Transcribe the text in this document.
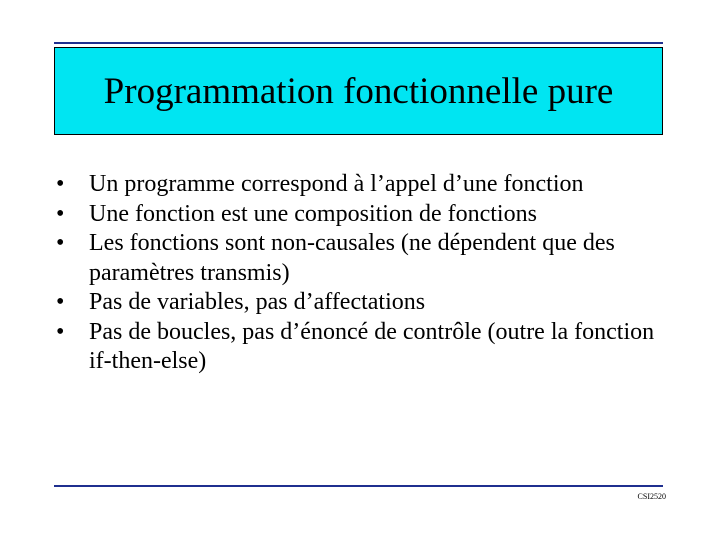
Programmation fonctionnelle pure
• Un programme correspond à l’appel d’une fonction
• Une fonction est une composition de fonctions
• Les fonctions sont non-causales (ne dépendent que des paramètres transmis)
• Pas de variables, pas d’affectations
• Pas de boucles, pas d’énoncé de contrôle (outre la fonction if-then-else)
CSI2520
